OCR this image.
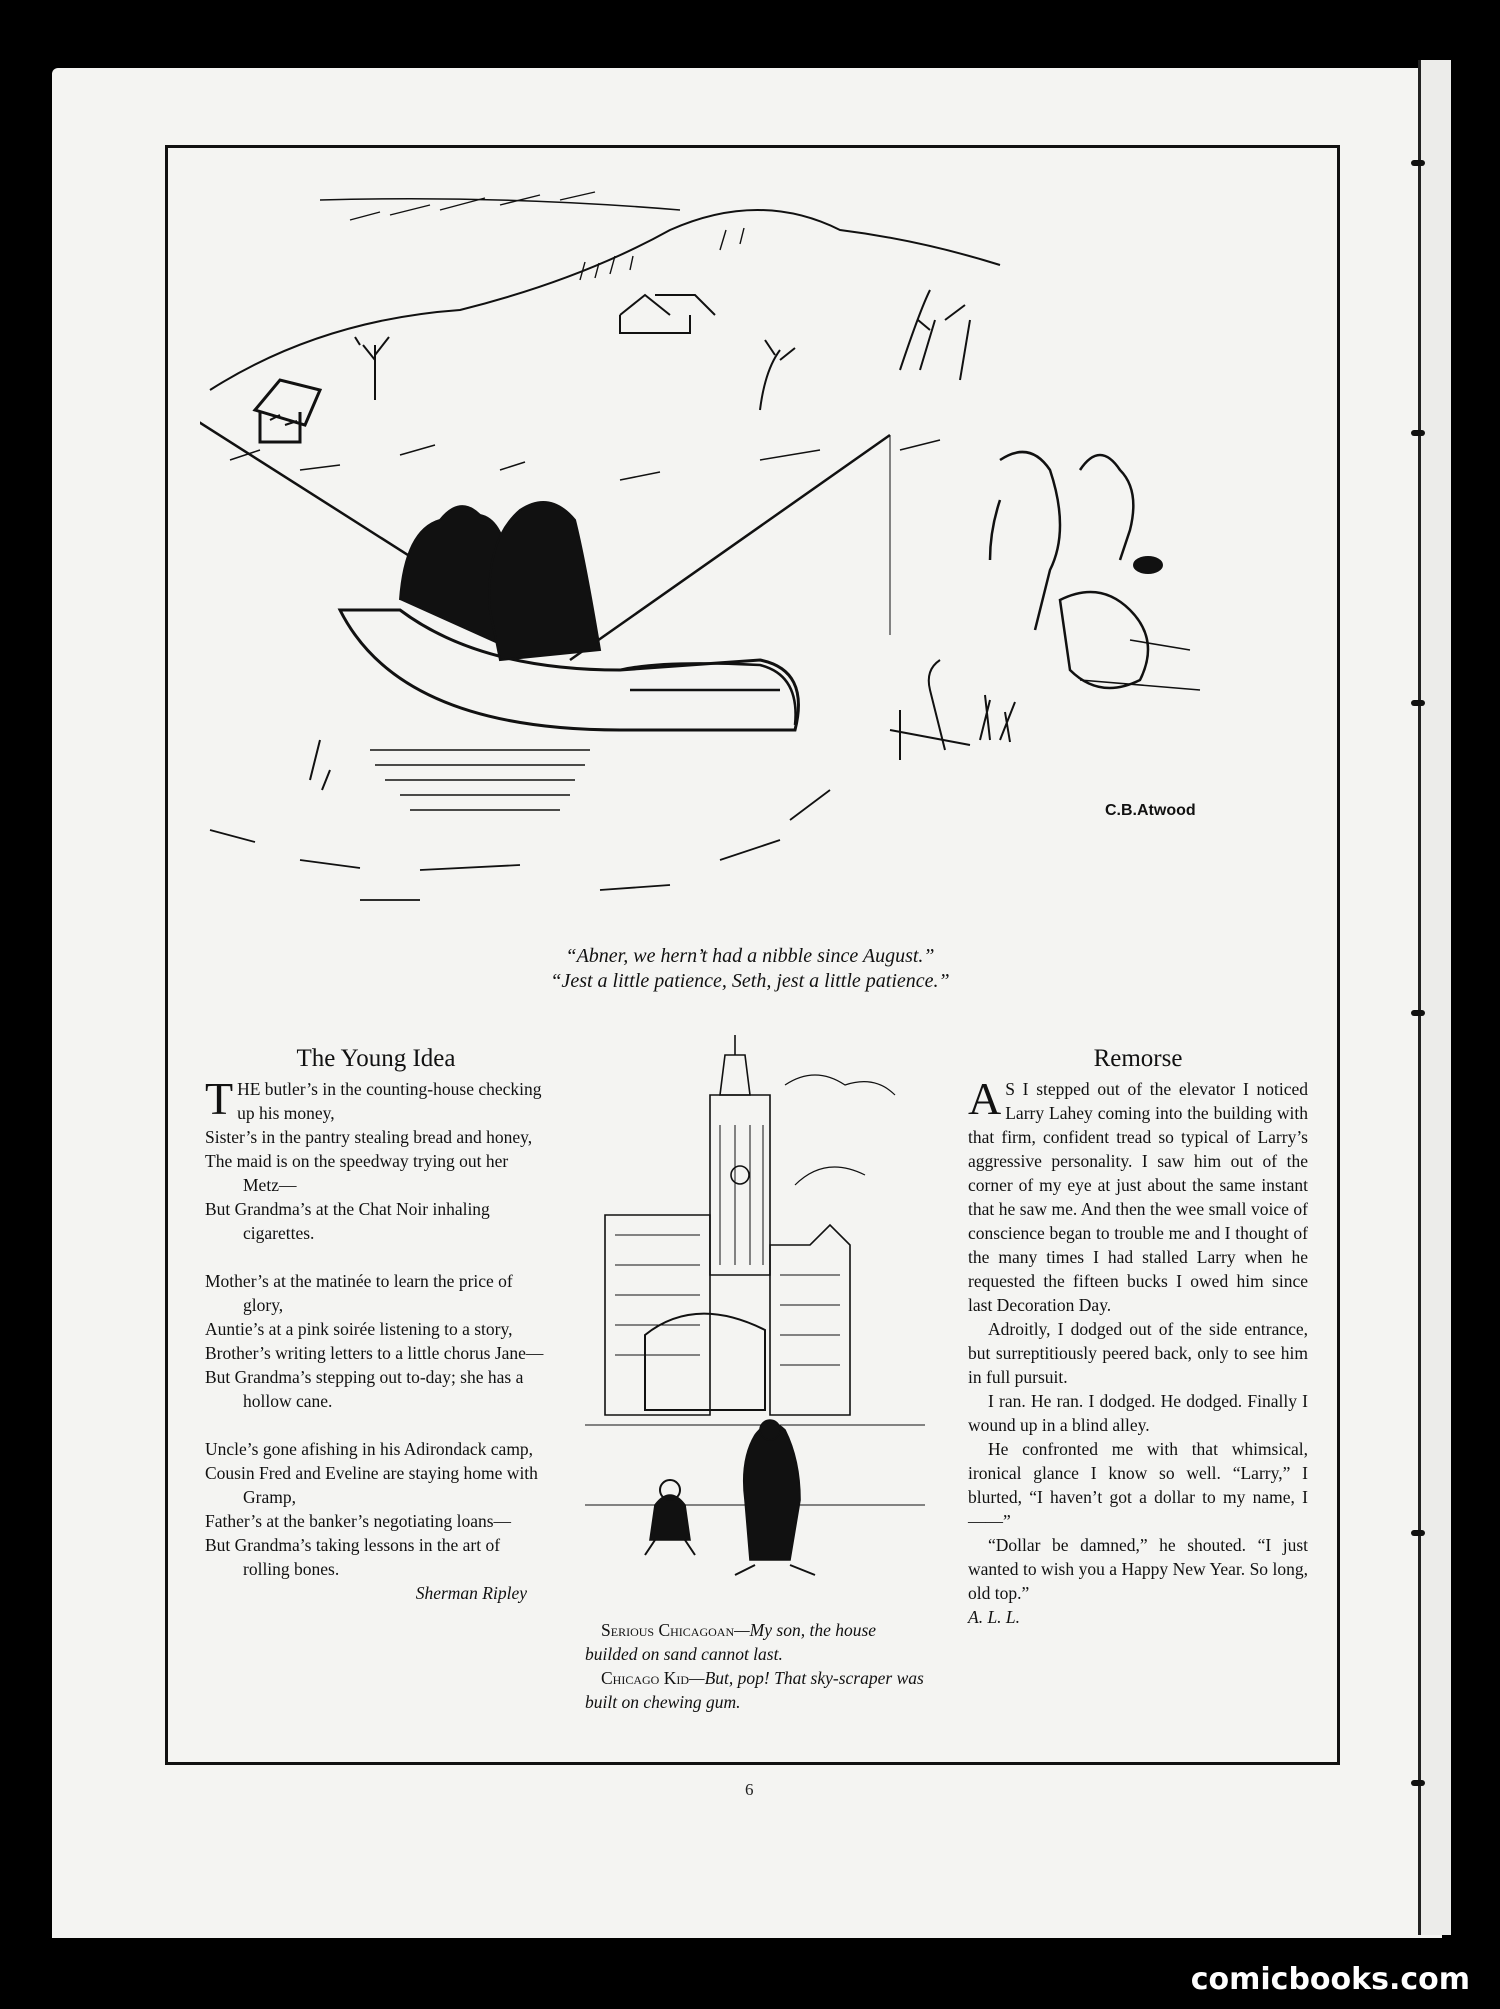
C.B.Atwood
“Abner, we hern’t had a nibble since August.”
“Jest a little patience, Seth, jest a little patience.”
The Young Idea
T HE butler’s in the counting-house checking up his money,

Sister’s in the pantry stealing bread and honey,

The maid is on the speedway trying out her Metz—

But Grandma’s at the Chat Noir inhaling cigarettes.

Mother’s at the matinée to learn the price of glory,

Auntie’s at a pink soirée listening to a story,

Brother’s writing letters to a little chorus Jane—

But Grandma’s stepping out to-day; she has a hollow cane.

Uncle’s gone afishing in his Adirondack camp,

Cousin Fred and Eveline are staying home with Gramp,

Father’s at the banker’s negotiating loans—

But Grandma’s taking lessons in the art of rolling bones.

Sherman Ripley

Serious Chicagoan—My son, the house builded on sand cannot last.

Chicago Kid—But, pop! That sky-scraper was built on chewing gum.

Remorse
A S I stepped out of the elevator I noticed Larry Lahey coming into the building with that firm, confident tread so typical of Larry’s aggressive personality. I saw him out of the corner of my eye at just about the same instant that he saw me. And then the wee small voice of conscience began to trouble me and I thought of the many times I had stalled Larry when he requested the fifteen bucks I owed him since last Decoration Day.

Adroitly, I dodged out of the side entrance, but surreptitiously peered back, only to see him in full pursuit.

I ran. He ran. I dodged. He dodged. Finally I wound up in a blind alley.

He confronted me with that whimsical, ironical glance I know so well. “Larry,” I blurted, “I haven’t got a dollar to my name, I——”

“Dollar be damned,” he shouted. “I just wanted to wish you a Happy New Year. So long, old top.”

A. L. L.

6
comicbooks.com
